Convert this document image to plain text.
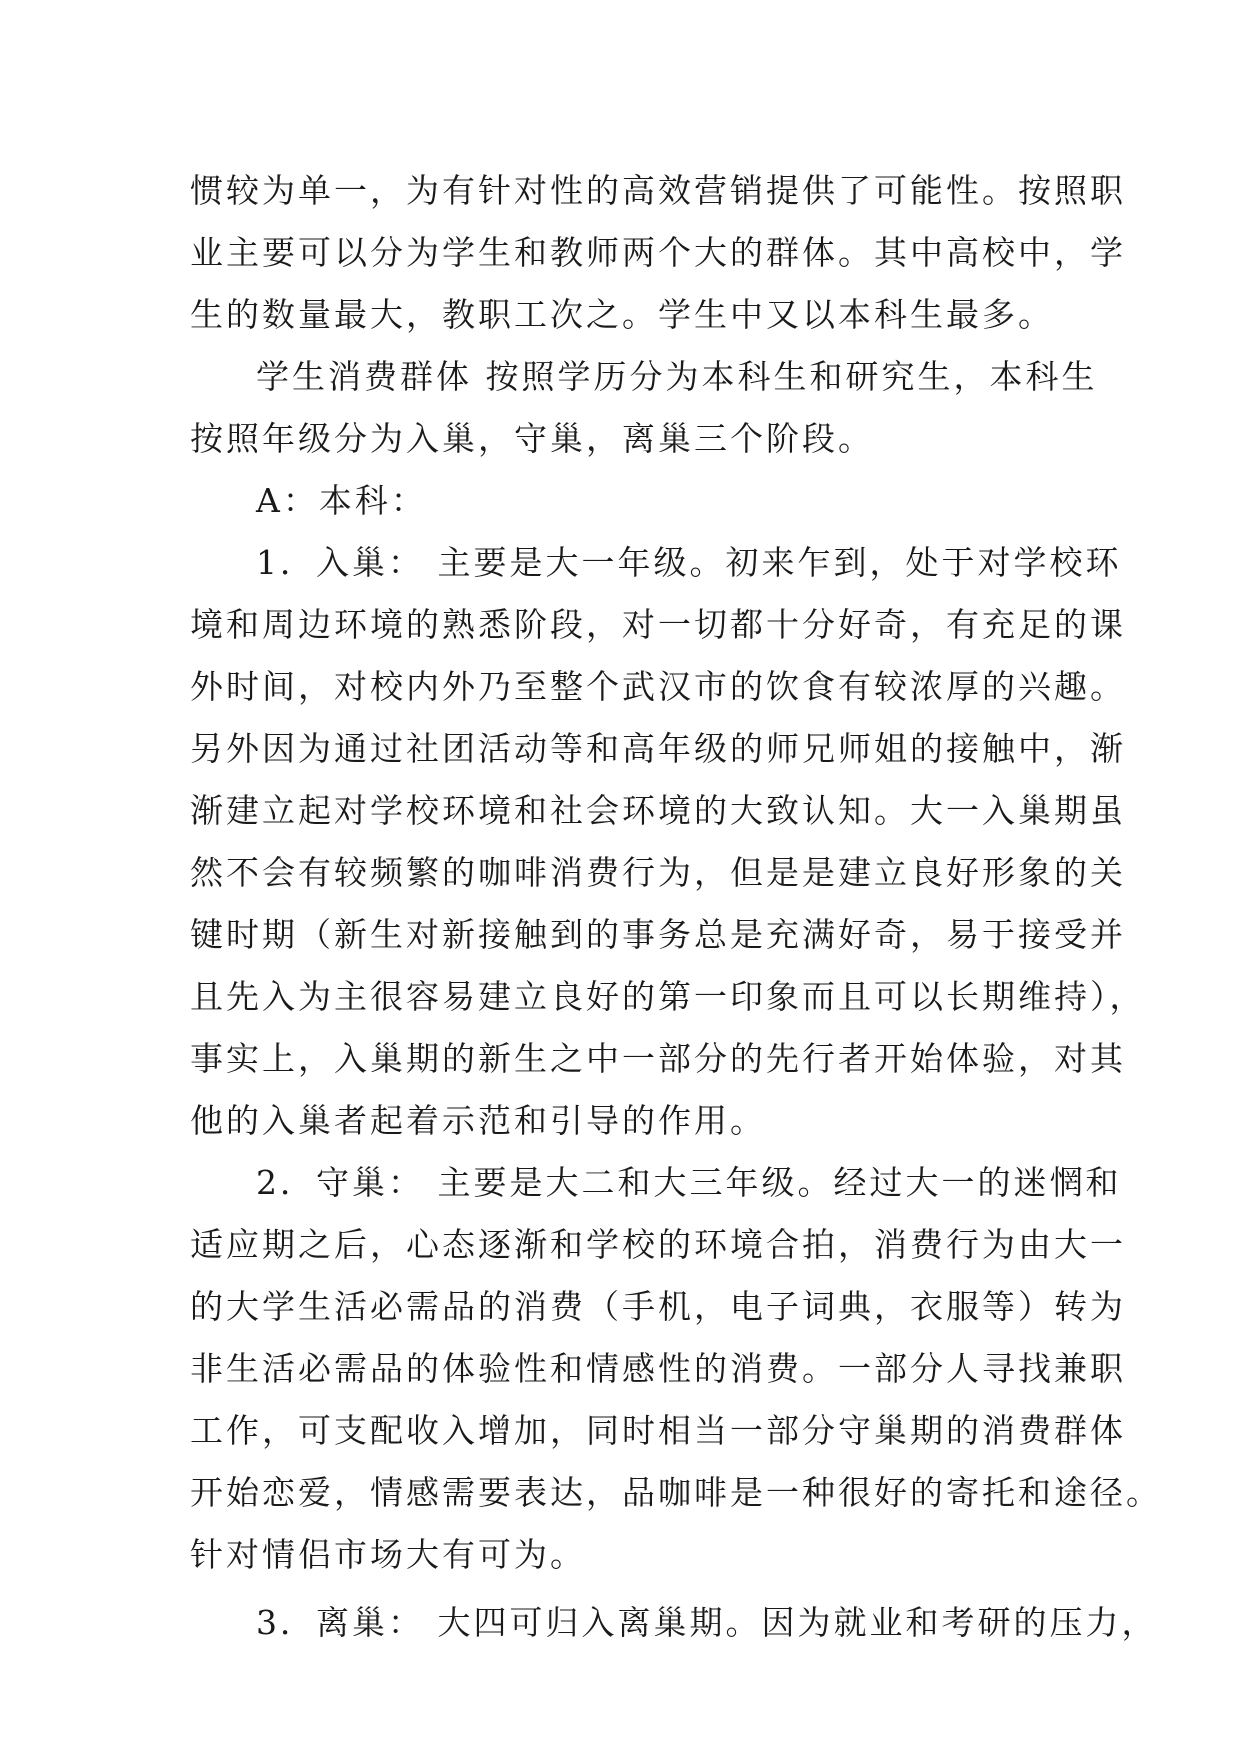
惯较为单一，为有针对性的高效营销提供了可能性。按照职
业主要可以分为学生和教师两个大的群体。其中高校中，学
生的数量最大，教职工次之。学生中又以本科生最多。
学生消费群体 按照学历分为本科生和研究生，本科生
按照年级分为入巢，守巢，离巢三个阶段。
A：本科：
1．入巢： 主要是大一年级。初来乍到，处于对学校环
境和周边环境的熟悉阶段，对一切都十分好奇，有充足的课
外时间，对校内外乃至整个武汉市的饮食有较浓厚的兴趣。
另外因为通过社团活动等和高年级的师兄师姐的接触中，渐
渐建立起对学校环境和社会环境的大致认知。大一入巢期虽
然不会有较频繁的咖啡消费行为，但是是建立良好形象的关
键时期（新生对新接触到的事务总是充满好奇，易于接受并
且先入为主很容易建立良好的第一印象而且可以长期维持），
事实上，入巢期的新生之中一部分的先行者开始体验，对其
他的入巢者起着示范和引导的作用。
2．守巢： 主要是大二和大三年级。经过大一的迷惘和
适应期之后，心态逐渐和学校的环境合拍，消费行为由大一
的大学生活必需品的消费（手机，电子词典，衣服等）转为
非生活必需品的体验性和情感性的消费。一部分人寻找兼职
工作，可支配收入增加，同时相当一部分守巢期的消费群体
开始恋爱，情感需要表达，品咖啡是一种很好的寄托和途径。
针对情侣市场大有可为。
3．离巢： 大四可归入离巢期。因为就业和考研的压力，
